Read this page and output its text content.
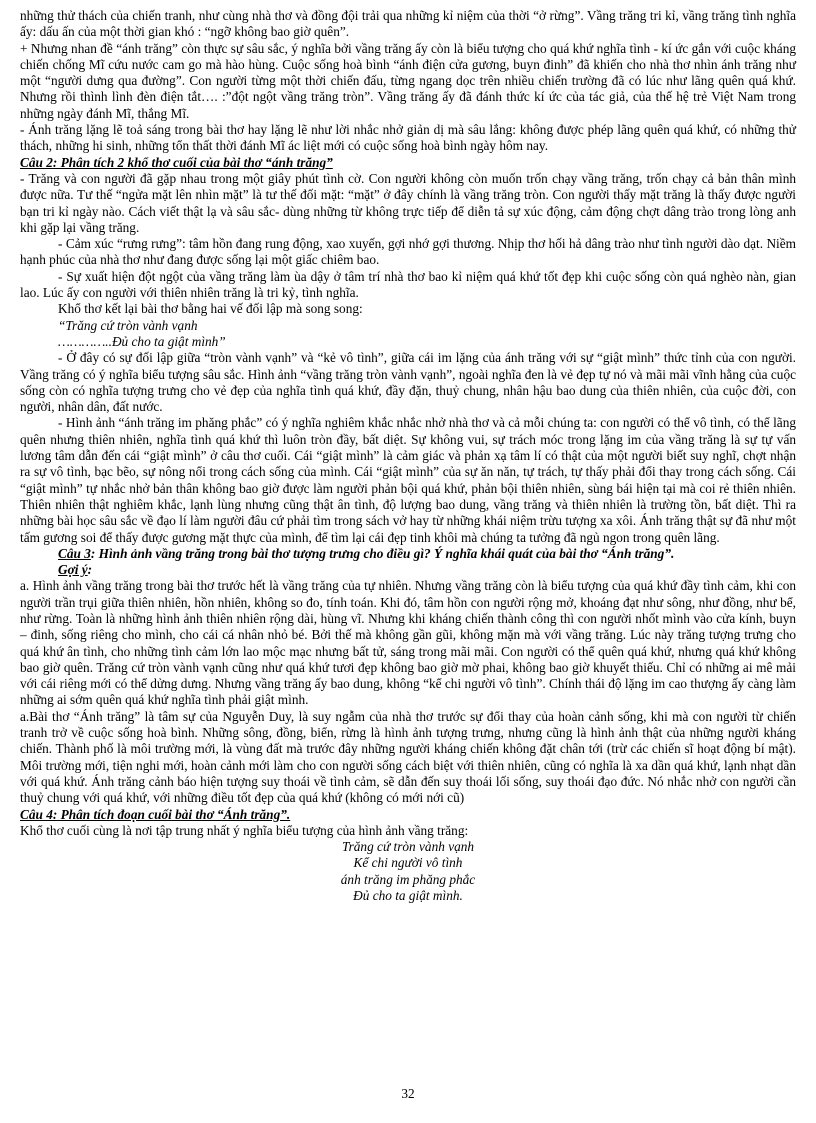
những thử thách của chiến tranh, như cùng nhà thơ và đồng đội trải qua những kỉ niệm của thời “ở rừng”. Vầng trăng tri kỉ, vầng trăng tình nghĩa ấy: dấu ấn của một thời gian khó : “ngỡ không bao giờ quên”.

+ Nhưng nhan đề “ánh trăng” còn thực sự sâu sắc, ý nghĩa bởi vầng trăng ấy còn là biểu tượng cho quá khứ nghĩa tình - kí ức gắn với cuộc kháng chiến chống Mĩ cứu nước cam go mà hào hùng. Cuộc sống hoà bình “ánh điện cửa gương, buyn đinh” đã khiến cho nhà thơ nhìn ánh trăng như một “người dưng qua đường”. Con người từng một thời chiến đấu, từng ngang dọc trên nhiều chiến trường đã có lúc như lãng quên quá khứ. Nhưng rồi thình lình đèn điện tắt…. :”đột ngột vầng trăng tròn”. Vầng trăng ấy đã đánh thức kí ức của tác giả, của thế hệ trẻ Việt Nam trong những ngày đánh Mĩ, thắng Mĩ.

- Ánh trăng lặng lẽ toả sáng trong bài thơ hay lặng lẽ như lời nhắc nhở giản dị mà sâu lắng: không được phép lãng quên quá khứ, có những thử thách, những hi sinh, những tổn thất thời đánh Mĩ ác liệt mới có cuộc sống hoà bình ngày hôm nay.

Câu 2: Phân tích 2 khổ thơ cuối của bài thơ “ánh trăng”

- Trăng và con người đã gặp nhau trong một giây phút tình cờ. Con người không còn muốn trốn chạy vầng trăng, trốn chạy cả bản thân mình được nữa. Tư thế “ngửa mặt lên nhìn mặt” là tư thế đối mặt: “mặt” ở đây chính là vầng trăng tròn. Con người thấy mặt trăng là thấy được người bạn tri kỉ ngày nào. Cách viết thật lạ và sâu sắc- dùng những từ không trực tiếp để diễn tả sự xúc động, cảm động chợt dâng trào trong lòng anh khi gặp lại vầng trăng.

- Cảm xúc “rưng rưng”: tâm hồn đang rung động, xao xuyến, gợi nhớ gợi thương. Nhịp thơ hối hả dâng trào như tình người dào dạt. Niềm hạnh phúc của nhà thơ như đang được sống lại một giấc chiêm bao.

- Sự xuất hiện đột ngột của vầng trăng làm ùa dậy ở tâm trí nhà thơ bao kỉ niệm quá khứ tốt đẹp khi cuộc sống còn quá nghèo nàn, gian lao. Lúc ấy con người với thiên nhiên trăng là tri kỷ, tình nghĩa.

Khổ thơ kết lại bài thơ bằng hai vế đối lập mà song song:

“Trăng cứ tròn vành vạnh

…………..Đủ cho ta giật mình”

- Ở đây có sự đối lập giữa “tròn vành vạnh” và “kẻ vô tình”, giữa cái im lặng của ánh trăng với sự “giật mình” thức tỉnh của con người. Vầng trăng có ý nghĩa biểu tượng sâu sắc. Hình ảnh “vầng trăng tròn vành vạnh”, ngoài nghĩa đen là vẻ đẹp tự nó và mãi mãi vĩnh hằng của cuộc sống còn có nghĩa tượng trưng cho vẻ đẹp của nghĩa tình quá khứ, đầy đặn, thuỷ chung, nhân hậu bao dung của thiên nhiên, của cuộc đời, con người, nhân dân, đất nước.

- Hình ảnh “ánh trăng im phăng phắc” có ý nghĩa nghiêm khắc nhắc nhở nhà thơ và cả mỗi chúng ta: con người có thể vô tình, có thể lãng quên nhưng thiên nhiên, nghĩa tình quá khứ thì luôn tròn đầy, bất diệt. Sự không vui, sự trách móc trong lặng im của vầng trăng là sự tự vấn lương tâm dẫn đến cái “giật mình” ở câu thơ cuối. Cái “giật mình” là cảm giác và phản xạ tâm lí có thật của một người biết suy nghĩ, chợt nhận ra sự vô tình, bạc bẽo, sự nông nổi trong cách sống của mình. Cái “giật mình” của sự ăn năn, tự trách, tự thấy phải đổi thay trong cách sống. Cái “giật mình” tự nhắc nhở bản thân không bao giờ được làm người phản bội quá khứ, phản bội thiên nhiên, sùng bái hiện tại mà coi rẻ thiên nhiên. Thiên nhiên thật nghiêm khắc, lạnh lùng nhưng cũng thật ân tình, độ lượng bao dung, vầng trăng và thiên nhiên là trường tồn, bất diệt. Thì ra những bài học sâu sắc về đạo lí làm người đâu cứ phải tìm trong sách vở hay từ những khái niệm trừu tượng xa xôi. Ánh trăng thật sự đã như một tấm gương soi để thấy được gương mặt thực của mình, để tìm lại cái đẹp tinh khôi mà chúng ta tưởng đã ngủ ngon trong quên lãng.

Câu 3: Hình ảnh vầng trăng trong bài thơ tượng trưng cho điều gì? Ý nghĩa khái quát của bài thơ “Ánh trăng”.

Gợi ý:

a. Hình ảnh vầng trăng trong bài thơ trước hết là vầng trăng của tự nhiên. Nhưng vầng trăng còn là biểu tượng của quá khứ đầy tình cảm, khi con người trần trụi giữa thiên nhiên, hồn nhiên, không so đo, tính toán. Khi đó, tâm hồn con người rộng mở, khoáng đạt như sông, như đồng, như bể, như rừng. Toàn là những hình ảnh thiên nhiên rộng dài, hùng vĩ. Nhưng khi kháng chiến thành công thì con người nhốt mình vào cửa kính, buyn – đinh, sống riêng cho mình, cho cái cá nhân nhỏ bé. Bởi thế mà không gần gũi, không mặn mà với vầng trăng. Lúc này trăng tượng trưng cho quá khứ ân tình, cho những tình cảm lớn lao mộc mạc nhưng bất tử, sáng trong mãi mãi. Con người có thể quên quá khứ, nhưng quá khứ không bao giờ quên. Trăng cứ tròn vành vạnh cũng như quá khứ tươi đẹp không bao giờ mờ phai, không bao giờ khuyết thiếu. Chỉ có những ai mê mải với cái riêng mới có thể dửng dưng. Nhưng vầng trăng ấy bao dung, không “kể chi người vô tình”. Chính thái độ lặng im cao thượng ấy càng làm những ai sớm quên quá khứ nghĩa tình phải giật mình.

a.Bài thơ “Ánh trăng” là tâm sự của Nguyễn Duy, là suy ngẫm của nhà thơ trước sự đổi thay của hoàn cảnh sống, khi mà con người từ chiến tranh trở về cuộc sống hoà bình. Những sông, đồng, biển, rừng là hình ảnh tượng trưng, nhưng cũng là hình ảnh thật của những người kháng chiến. Thành phố là môi trường mới, là vùng đất mà trước đây những người kháng chiến không đặt chân tới (trừ các chiến sĩ hoạt động bí mật). Môi trường mới, tiện nghi mới, hoàn cảnh mới làm cho con người sống cách biệt với thiên nhiên, cũng có nghĩa là xa dần quá khứ, lạnh nhạt dần với quá khứ. Ánh trăng cảnh báo hiện tượng suy thoái về tình cảm, sẽ dẫn đến suy thoái lối sống, suy thoái đạo đức. Nó nhắc nhở con người cần thuỷ chung với quá khứ, với những điều tốt đẹp của quá khứ (không có mới nới cũ)

Câu 4: Phân tích đoạn cuối bài thơ “Ánh trăng”.

Khổ thơ cuối cùng là nơi tập trung nhất ý nghĩa biểu tượng của hình ảnh vầng trăng:

Trăng cứ tròn vành vạnh

Kể chi người vô tình

ánh trăng im phăng phắc

Đủ cho ta giật mình.

32
